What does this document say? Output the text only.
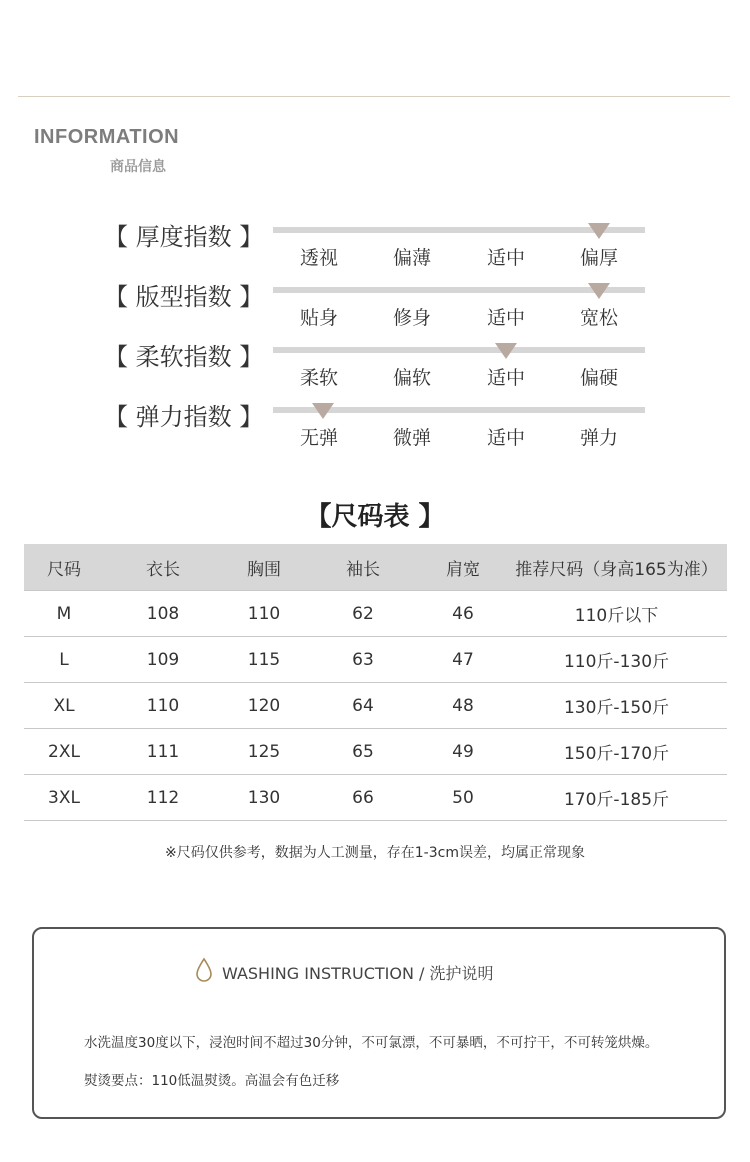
INFORMATION
商品信息
【 厚度指数 】
透视	偏薄	适中	偏厚
【 版型指数 】
贴身	修身	适中	宽松
【 柔软指数 】
柔软	偏软	适中	偏硬
【 弹力指数 】
无弹	微弹	适中	弹力
【尺码表 】
尺码	衣长	胸围	袖长	肩宽	推荐尺码（身高165为准）
M	108	110	62	46	110斤以下
L	109	115	63	47	110斤-130斤
XL	110	120	64	48	130斤-150斤
2XL	111	125	65	49	150斤-170斤
3XL	112	130	66	50	170斤-185斤
※尺码仅供参考，数据为人工测量，存在1-3cm误差，均属正常现象
WASHING INSTRUCTION / 洗护说明
水洗温度30度以下，浸泡时间不超过30分钟，不可氯漂，不可暴晒，不可拧干，不可转笼烘燥。
熨烫要点：110低温熨烫。高温会有色迁移
